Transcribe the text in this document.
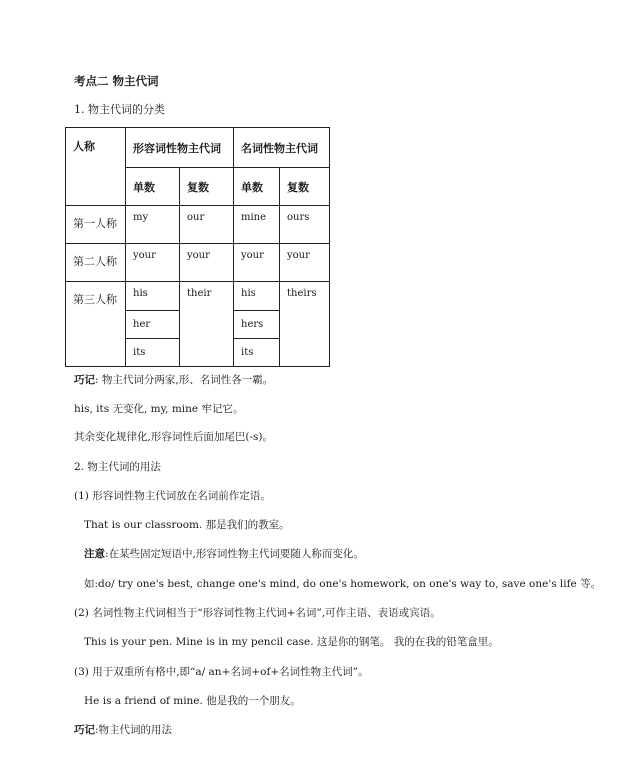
考点二 物主代词
1. 物主代词的分类
人称	形容词性物主代词		名词性物主代词	
	单数	复数	单数	复数
第一人称	my	our	mine	ours
第二人称	your	your	your	your
第三人称	his	their	his	theirs
	her		hers	
	its		its	
巧记: 物主代词分两家,形、名词性各一霸。
his, its 无变化, my, mine 牢记它。
其余变化规律化,形容词性后面加尾巴(-s)。
2. 物主代词的用法
(1) 形容词性物主代词放在名词前作定语。
That is our classroom. 那是我们的教室。
注意:在某些固定短语中,形容词性物主代词要随人称而变化。
如:do/ try one's best, change one's mind, do one's homework, on one's way to, save one's life 等。
(2) 名词性物主代词相当于“形容词性物主代词+名词”,可作主语、表语或宾语。
This is your pen. Mine is in my pencil case. 这是你的钢笔。 我的在我的铅笔盒里。
(3) 用于双重所有格中,即“a/ an+名词+of+名词性物主代词”。
He is a friend of mine. 他是我的一个朋友。
巧记:物主代词的用法
